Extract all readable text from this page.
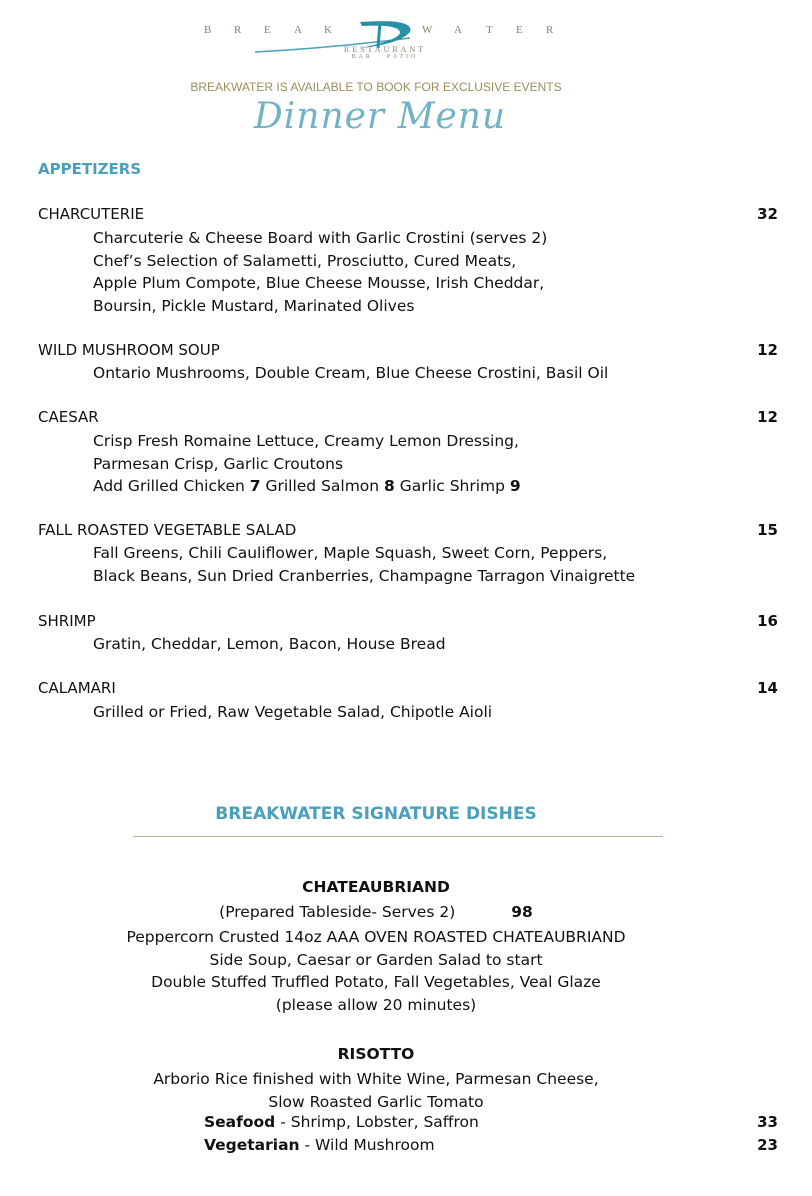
B R E A K	W A T E R
RESTAURANT
BAR · PATIO
BREAKWATER IS AVAILABLE TO BOOK FOR EXCLUSIVE EVENTS
Dinner Menu
APPETIZERS
CHARCUTERIE	32
Charcuterie & Cheese Board with Garlic Crostini (serves 2)
Chef’s Selection of Salametti, Prosciutto, Cured Meats,
Apple Plum Compote, Blue Cheese Mousse, Irish Cheddar,
Boursin, Pickle Mustard, Marinated Olives
WILD MUSHROOM SOUP	12
Ontario Mushrooms, Double Cream, Blue Cheese Crostini, Basil Oil
CAESAR	12
Crisp Fresh Romaine Lettuce, Creamy Lemon Dressing,
Parmesan Crisp, Garlic Croutons
Add Grilled Chicken 7 Grilled Salmon 8 Garlic Shrimp 9
FALL ROASTED VEGETABLE SALAD	15
Fall Greens, Chili Cauliflower, Maple Squash, Sweet Corn, Peppers,
Black Beans, Sun Dried Cranberries, Champagne Tarragon Vinaigrette
SHRIMP	16
Gratin, Cheddar, Lemon, Bacon, House Bread
CALAMARI	14
Grilled or Fried, Raw Vegetable Salad, Chipotle Aioli
BREAKWATER SIGNATURE DISHES
CHATEAUBRIAND
(Prepared Tableside- Serves 2)	98
Peppercorn Crusted 14oz AAA OVEN ROASTED CHATEAUBRIAND
Side Soup, Caesar or Garden Salad to start
Double Stuffed Truffled Potato, Fall Vegetables, Veal Glaze
(please allow 20 minutes)
RISOTTO
Arborio Rice finished with White Wine, Parmesan Cheese,
Slow Roasted Garlic Tomato
Seafood - Shrimp, Lobster, Saffron	33
Vegetarian - Wild Mushroom	23
